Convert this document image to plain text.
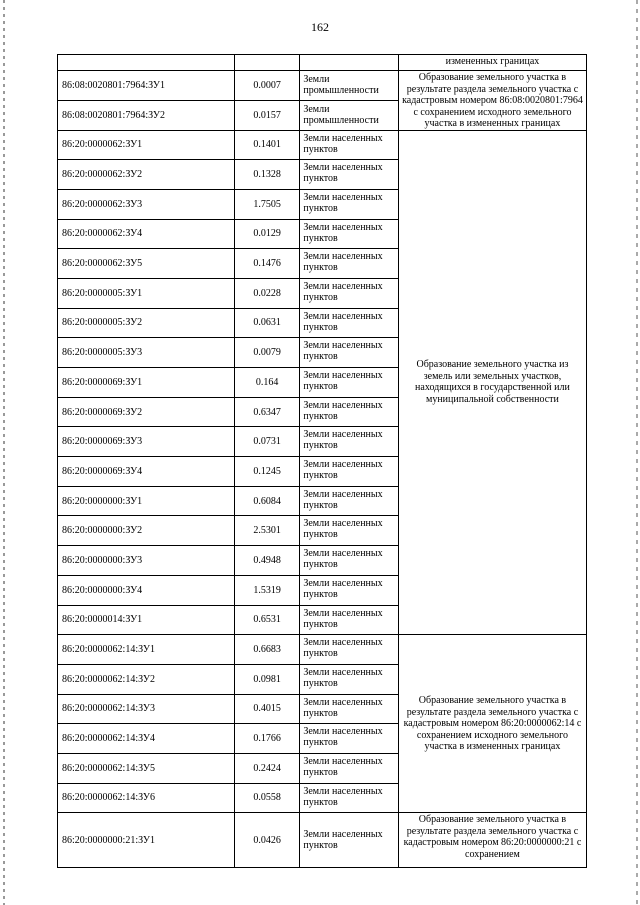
162
			измененных границах
86:08:0020801:7964:ЗУ1	0.0007	Земли промышленности	Образование земельного участка в результате раздела земельного участка с кадастровым номером 86:08:0020801:7964 с сохранением исходного земельного участка в измененных границах
86:08:0020801:7964:ЗУ2	0.0157	Земли промышленности	
86:20:0000062:ЗУ1	0.1401	Земли населенных пунктов	Образование земельного участка из земель или земельных участков, находящихся в государственной или муниципальной собственности
86:20:0000062:ЗУ2	0.1328	Земли населенных пунктов	
86:20:0000062:ЗУ3	1.7505	Земли населенных пунктов	
86:20:0000062:ЗУ4	0.0129	Земли населенных пунктов	
86:20:0000062:ЗУ5	0.1476	Земли населенных пунктов	
86:20:0000005:ЗУ1	0.0228	Земли населенных пунктов	
86:20:0000005:ЗУ2	0.0631	Земли населенных пунктов	
86:20:0000005:ЗУ3	0.0079	Земли населенных пунктов	
86:20:0000069:ЗУ1	0.164	Земли населенных пунктов	
86:20:0000069:ЗУ2	0.6347	Земли населенных пунктов	
86:20:0000069:ЗУ3	0.0731	Земли населенных пунктов	
86:20:0000069:ЗУ4	0.1245	Земли населенных пунктов	
86:20:0000000:ЗУ1	0.6084	Земли населенных пунктов	
86:20:0000000:ЗУ2	2.5301	Земли населенных пунктов	
86:20:0000000:ЗУ3	0.4948	Земли населенных пунктов	
86:20:0000000:ЗУ4	1.5319	Земли населенных пунктов	
86:20:0000014:ЗУ1	0.6531	Земли населенных пунктов	
86:20:0000062:14:ЗУ1	0.6683	Земли населенных пунктов	Образование земельного участка в результате раздела земельного участка с кадастровым номером 86:20:0000062:14 с сохранением исходного земельного участка в измененных границах
86:20:0000062:14:ЗУ2	0.0981	Земли населенных пунктов	
86:20:0000062:14:ЗУ3	0.4015	Земли населенных пунктов	
86:20:0000062:14:ЗУ4	0.1766	Земли населенных пунктов	
86:20:0000062:14:ЗУ5	0.2424	Земли населенных пунктов	
86:20:0000062:14:ЗУ6	0.0558	Земли населенных пунктов	
86:20:0000000:21:ЗУ1	0.0426	Земли населенных пунктов	Образование земельного участка в результате раздела земельного участка с кадастровым номером 86:20:0000000:21 с сохранением
